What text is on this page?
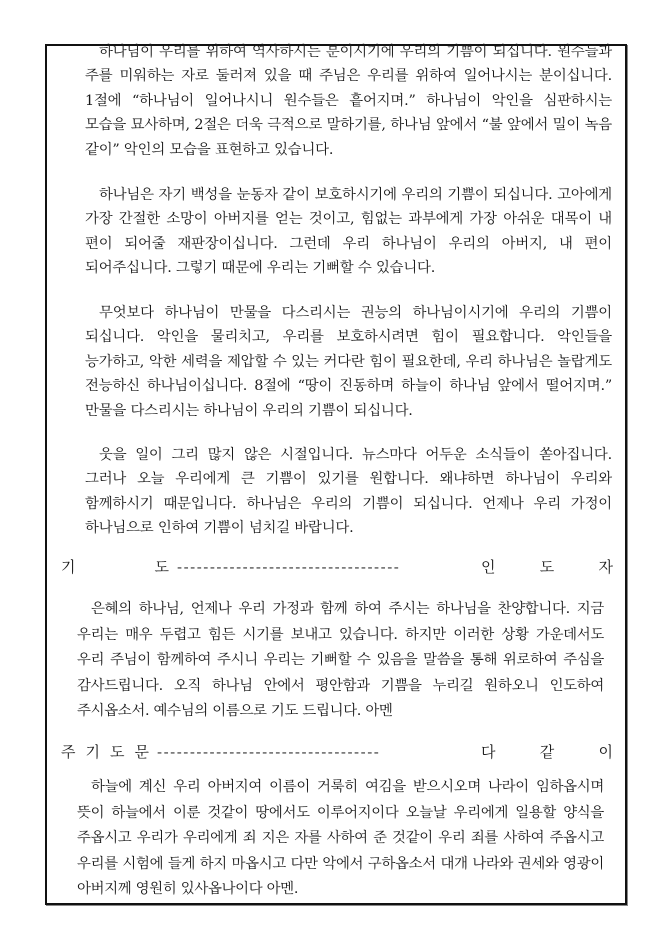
하나님이 우리를 위하여 역사하시는 분이시기에 우리의 기쁨이 되십니다. 원수들과 주를 미워하는 자로 둘러져 있을 때 주님은 우리를 위하여 일어나시는 분이십니다. 1절에 “하나님이 일어나시니 원수들은 흩어지며.” 하나님이 악인을 심판하시는 모습을 묘사하며, 2절은 더욱 극적으로 말하기를, 하나님 앞에서 “불 앞에서 밀이 녹음 같이” 악인의 모습을 표현하고 있습니다.

하나님은 자기 백성을 눈동자 같이 보호하시기에 우리의 기쁨이 되십니다. 고아에게 가장 간절한 소망이 아버지를 얻는 것이고, 힘없는 과부에게 가장 아쉬운 대목이 내 편이 되어줄 재판장이십니다. 그런데 우리 하나님이 우리의 아버지, 내 편이 되어주십니다. 그렇기 때문에 우리는 기뻐할 수 있습니다.

무엇보다 하나님이 만물을 다스리시는 권능의 하나님이시기에 우리의 기쁨이 되십니다. 악인을 물리치고, 우리를 보호하시려면 힘이 필요합니다. 악인들을 능가하고, 악한 세력을 제압할 수 있는 커다란 힘이 필요한데, 우리 하나님은 놀랍게도 전능하신 하나님이십니다. 8절에 “땅이 진동하며 하늘이 하나님 앞에서 떨어지며.” 만물을 다스리시는 하나님이 우리의 기쁨이 되십니다.

웃을 일이 그리 많지 않은 시절입니다. 뉴스마다 어두운 소식들이 쏟아집니다. 그러나 오늘 우리에게 큰 기쁨이 있기를 원합니다. 왜냐하면 하나님이 우리와 함께하시기 때문입니다. 하나님은 우리의 기쁨이 되십니다. 언제나 우리 가정이 하나님으로 인하여 기쁨이 넘치길 바랍니다.

기	도 ----------------------------------	인	도	자

은혜의 하나님, 언제나 우리 가정과 함께 하여 주시는 하나님을 찬양합니다. 지금 우리는 매우 두렵고 힘든 시기를 보내고 있습니다. 하지만 이러한 상황 가운데서도 우리 주님이 함께하여 주시니 우리는 기뻐할 수 있음을 말씀을 통해 위로하여 주심을 감사드립니다. 오직 하나님 안에서 평안함과 기쁨을 누리길 원하오니 인도하여 주시옵소서. 예수님의 이름으로 기도 드립니다. 아멘

주 기 도 문 ----------------------------------	다	같	이

하늘에 계신 우리 아버지여 이름이 거룩히 여김을 받으시오며 나라이 임하옵시며 뜻이 하늘에서 이룬 것같이 땅에서도 이루어지이다 오늘날 우리에게 일용할 양식을 주옵시고 우리가 우리에게 죄 지은 자를 사하여 준 것같이 우리 죄를 사하여 주옵시고 우리를 시험에 들게 하지 마옵시고 다만 악에서 구하옵소서 대개 나라와 권세와 영광이 아버지께 영원히 있사옵나이다 아멘.
